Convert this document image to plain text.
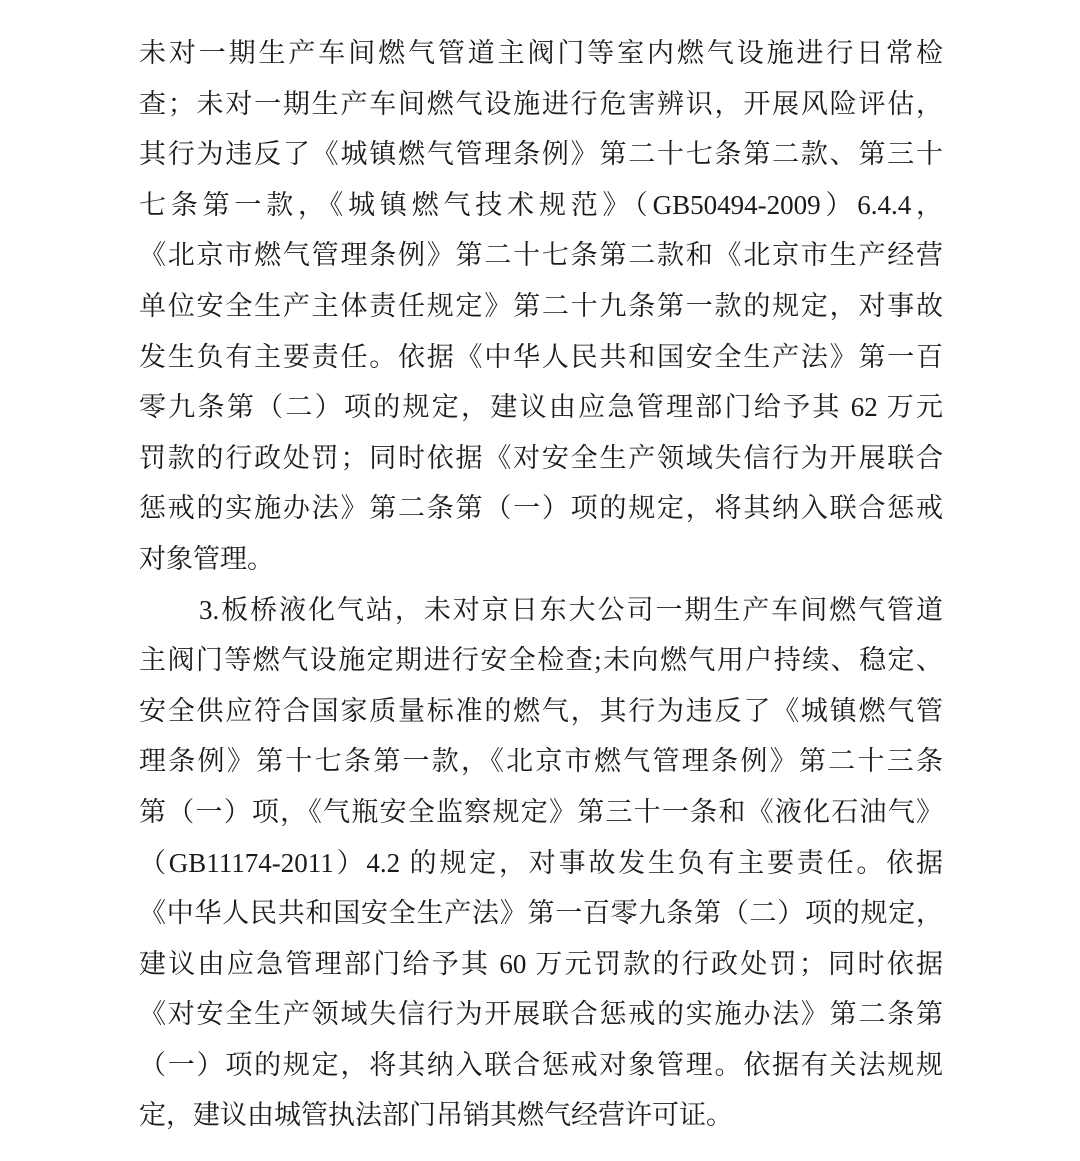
未对一期生产车间燃气管道主阀门等室内燃气设施进行日常检
查；未对一期生产车间燃气设施进行危害辨识，开展风险评估，
其行为违反了《城镇燃气管理条例》第二十七条第二款、第三十
七条第一款，《城镇燃气技术规范》（GB50494-2009）6.4.4，
《北京市燃气管理条例》第二十七条第二款和《北京市生产经营
单位安全生产主体责任规定》第二十九条第一款的规定，对事故
发生负有主要责任。依据《中华人民共和国安全生产法》第一百
零九条第（二）项的规定，建议由应急管理部门给予其 62 万元
罚款的行政处罚；同时依据《对安全生产领域失信行为开展联合
惩戒的实施办法》第二条第（一）项的规定，将其纳入联合惩戒
对象管理。
3.板桥液化气站，未对京日东大公司一期生产车间燃气管道
主阀门等燃气设施定期进行安全检查;未向燃气用户持续、稳定、
安全供应符合国家质量标准的燃气，其行为违反了《城镇燃气管
理条例》第十七条第一款，《北京市燃气管理条例》第二十三条
第（一）项，《气瓶安全监察规定》第三十一条和《液化石油气》
（GB11174-2011）4.2 的规定，对事故发生负有主要责任。依据
《中华人民共和国安全生产法》第一百零九条第（二）项的规定，
建议由应急管理部门给予其 60 万元罚款的行政处罚；同时依据
《对安全生产领域失信行为开展联合惩戒的实施办法》第二条第
（一）项的规定，将其纳入联合惩戒对象管理。依据有关法规规
定，建议由城管执法部门吊销其燃气经营许可证。
